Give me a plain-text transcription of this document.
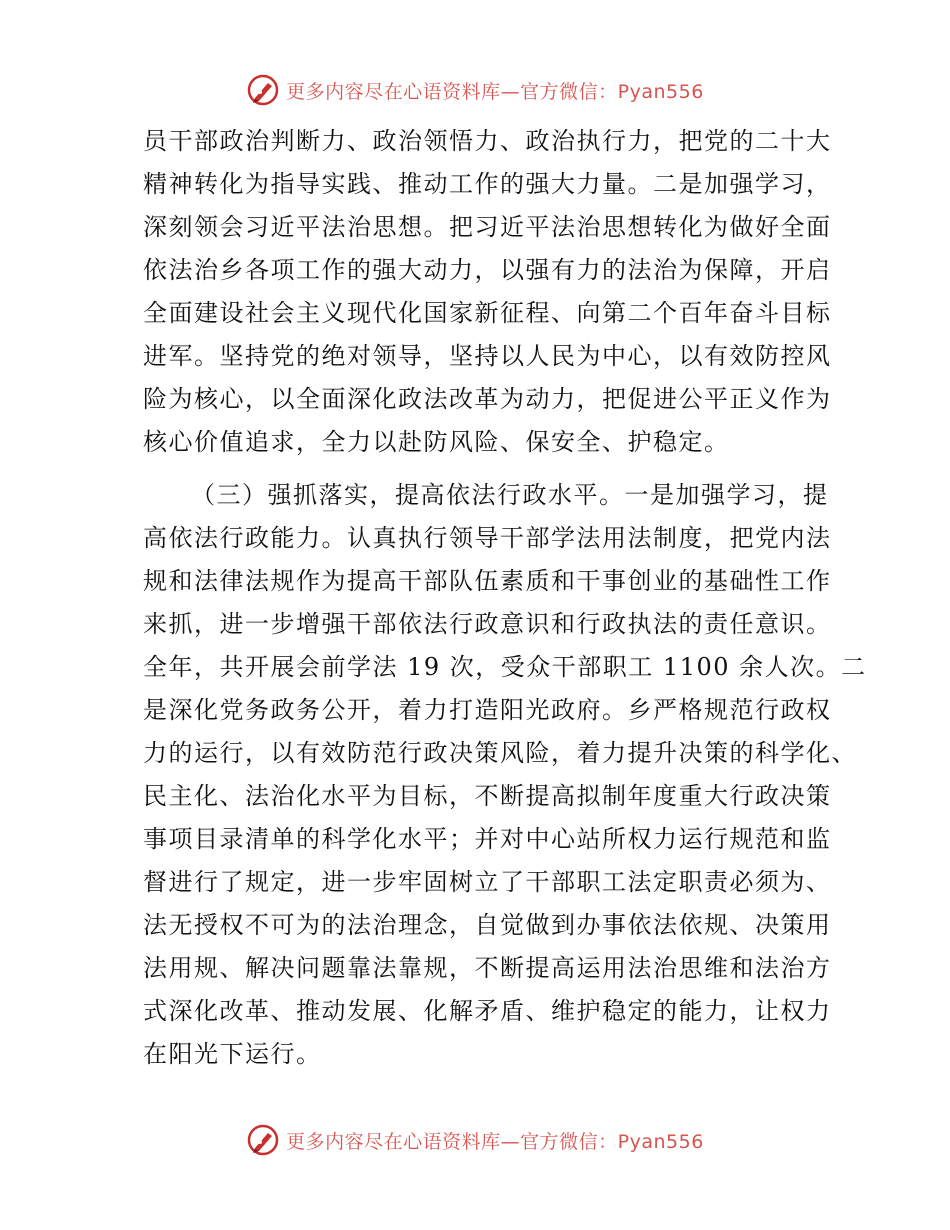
更多内容尽在心语资料库—官方微信：Pyan556
员干部政治判断力、政治领悟力、政治执行力，把党的二十大
精神转化为指导实践、推动工作的强大力量。二是加强学习，
深刻领会习近平法治思想。把习近平法治思想转化为做好全面
依法治乡各项工作的强大动力，以强有力的法治为保障，开启
全面建设社会主义现代化国家新征程、向第二个百年奋斗目标
进军。坚持党的绝对领导，坚持以人民为中心，以有效防控风
险为核心，以全面深化政法改革为动力，把促进公平正义作为
核心价值追求，全力以赴防风险、保安全、护稳定。
（三）强抓落实，提高依法行政水平。一是加强学习，提
高依法行政能力。认真执行领导干部学法用法制度，把党内法
规和法律法规作为提高干部队伍素质和干事创业的基础性工作
来抓，进一步增强干部依法行政意识和行政执法的责任意识。
全年，共开展会前学法 19 次，受众干部职工 1100 余人次。二
是深化党务政务公开，着力打造阳光政府。乡严格规范行政权
力的运行，以有效防范行政决策风险，着力提升决策的科学化、
民主化、法治化水平为目标，不断提高拟制年度重大行政决策
事项目录清单的科学化水平；并对中心站所权力运行规范和监
督进行了规定，进一步牢固树立了干部职工法定职责必须为、
法无授权不可为的法治理念，自觉做到办事依法依规、决策用
法用规、解决问题靠法靠规，不断提高运用法治思维和法治方
式深化改革、推动发展、化解矛盾、维护稳定的能力，让权力
在阳光下运行。
更多内容尽在心语资料库—官方微信：Pyan556
